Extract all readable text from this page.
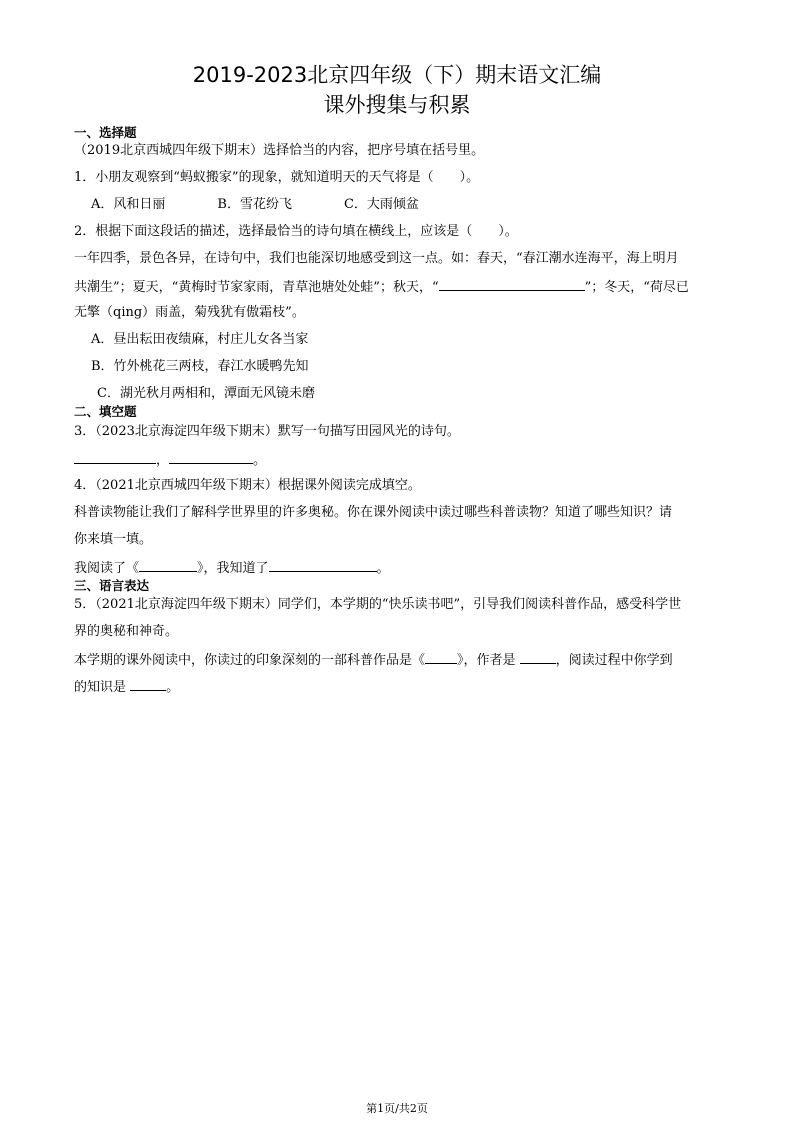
2019-2023北京四年级（下）期末语文汇编
课外搜集与积累
一、选择题
（2019北京西城四年级下期末）选择恰当的内容，把序号填在括号里。
1．小朋友观察到“蚂蚁搬家”的现象，就知道明天的天气将是（　　）。
A．风和日丽　　　　B．雪花纷飞　　　　C．大雨倾盆
2．根据下面这段话的描述，选择最恰当的诗句填在横线上，应该是（　　）。
一年四季，景色各异，在诗句中，我们也能深切地感受到这一点。如：春天，“春江潮水连海平，海上明月
共潮生”；夏天，“黄梅时节家家雨，青草池塘处处蛙”；秋天，“	”；冬天，“荷尽已
无擎（qing）雨盖，菊残犹有傲霜枝”。
A．昼出耘田夜绩麻，村庄儿女各当家
B．竹外桃花三两枝，春江水暖鸭先知
C．湖光秋月两相和，潭面无风镜未磨
二、填空题
3．（2023北京海淀四年级下期末）默写一句描写田园风光的诗句。
，	。
4．（2021北京西城四年级下期末）根据课外阅读完成填空。
科普读物能让我们了解科学世界里的许多奥秘。你在课外阅读中读过哪些科普读物？知道了哪些知识？请
你来填一填。
我阅读了《	》，我知道了	。
三、语言表达
5．（2021北京海淀四年级下期末）同学们，本学期的“快乐读书吧”，引导我们阅读科普作品，感受科学世
界的奥秘和神奇。
本学期的课外阅读中，你读过的印象深刻的一部科普作品是《 》，作者是	，阅读过程中你学到
的知识是	。
第1页/共2页
